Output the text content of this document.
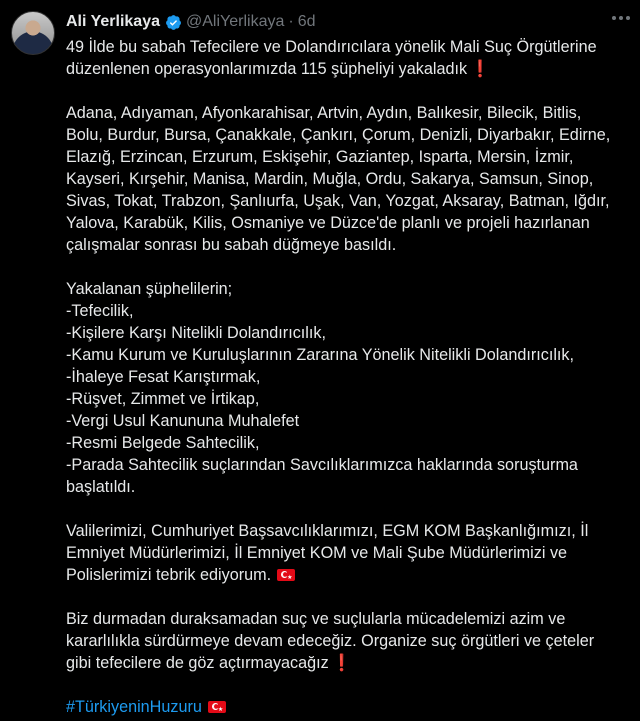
Ali Yerlikaya @AliYerlikaya · 6d

49 İlde bu sabah Tefecilere ve Dolandırıcılara yönelik Mali Suç Örgütlerine
düzenlenen operasyonlarımızda 115 şüpheliyi yakaladık ❗

Adana, Adıyaman, Afyonkarahisar, Artvin, Aydın, Balıkesir, Bilecik, Bitlis,
Bolu, Burdur, Bursa, Çanakkale, Çankırı, Çorum, Denizli, Diyarbakır, Edirne,
Elazığ, Erzincan, Erzurum, Eskişehir, Gaziantep, Isparta, Mersin, İzmir,
Kayseri, Kırşehir, Manisa, Mardin, Muğla, Ordu, Sakarya, Samsun, Sinop,
Sivas, Tokat, Trabzon, Şanlıurfa, Uşak, Van, Yozgat, Aksaray, Batman, Iğdır,
Yalova, Karabük, Kilis, Osmaniye ve Düzce'de planlı ve projeli hazırlanan
çalışmalar sonrası bu sabah düğmeye basıldı.

Yakalanan şüphelilerin;
-Tefecilik,
-Kişilere Karşı Nitelikli Dolandırıcılık,
-Kamu Kurum ve Kuruluşlarının Zararına Yönelik Nitelikli Dolandırıcılık,
-İhaleye Fesat Karıştırmak,
-Rüşvet, Zimmet ve İrtikap,
-Vergi Usul Kanununa Muhalefet
-Resmi Belgede Sahtecilik,
-Parada Sahtecilik suçlarından Savcılıklarımızca haklarında soruşturma
başlatıldı.

Valilerimizi, Cumhuriyet Başsavcılıklarımızı, EGM KOM Başkanlığımızı, İl
Emniyet Müdürlerimizi, İl Emniyet KOM ve Mali Şube Müdürlerimizi ve
Polislerimizi tebrik ediyorum.★

Biz durmadan duraksamadan suç ve suçlularla mücadelemizi azim ve
kararlılıkla sürdürmeye devam edeceğiz. Organize suç örgütleri ve çeteler
gibi tefecilere de göz açtırmayacağız ❗

#TürkiyeninHuzuru★
